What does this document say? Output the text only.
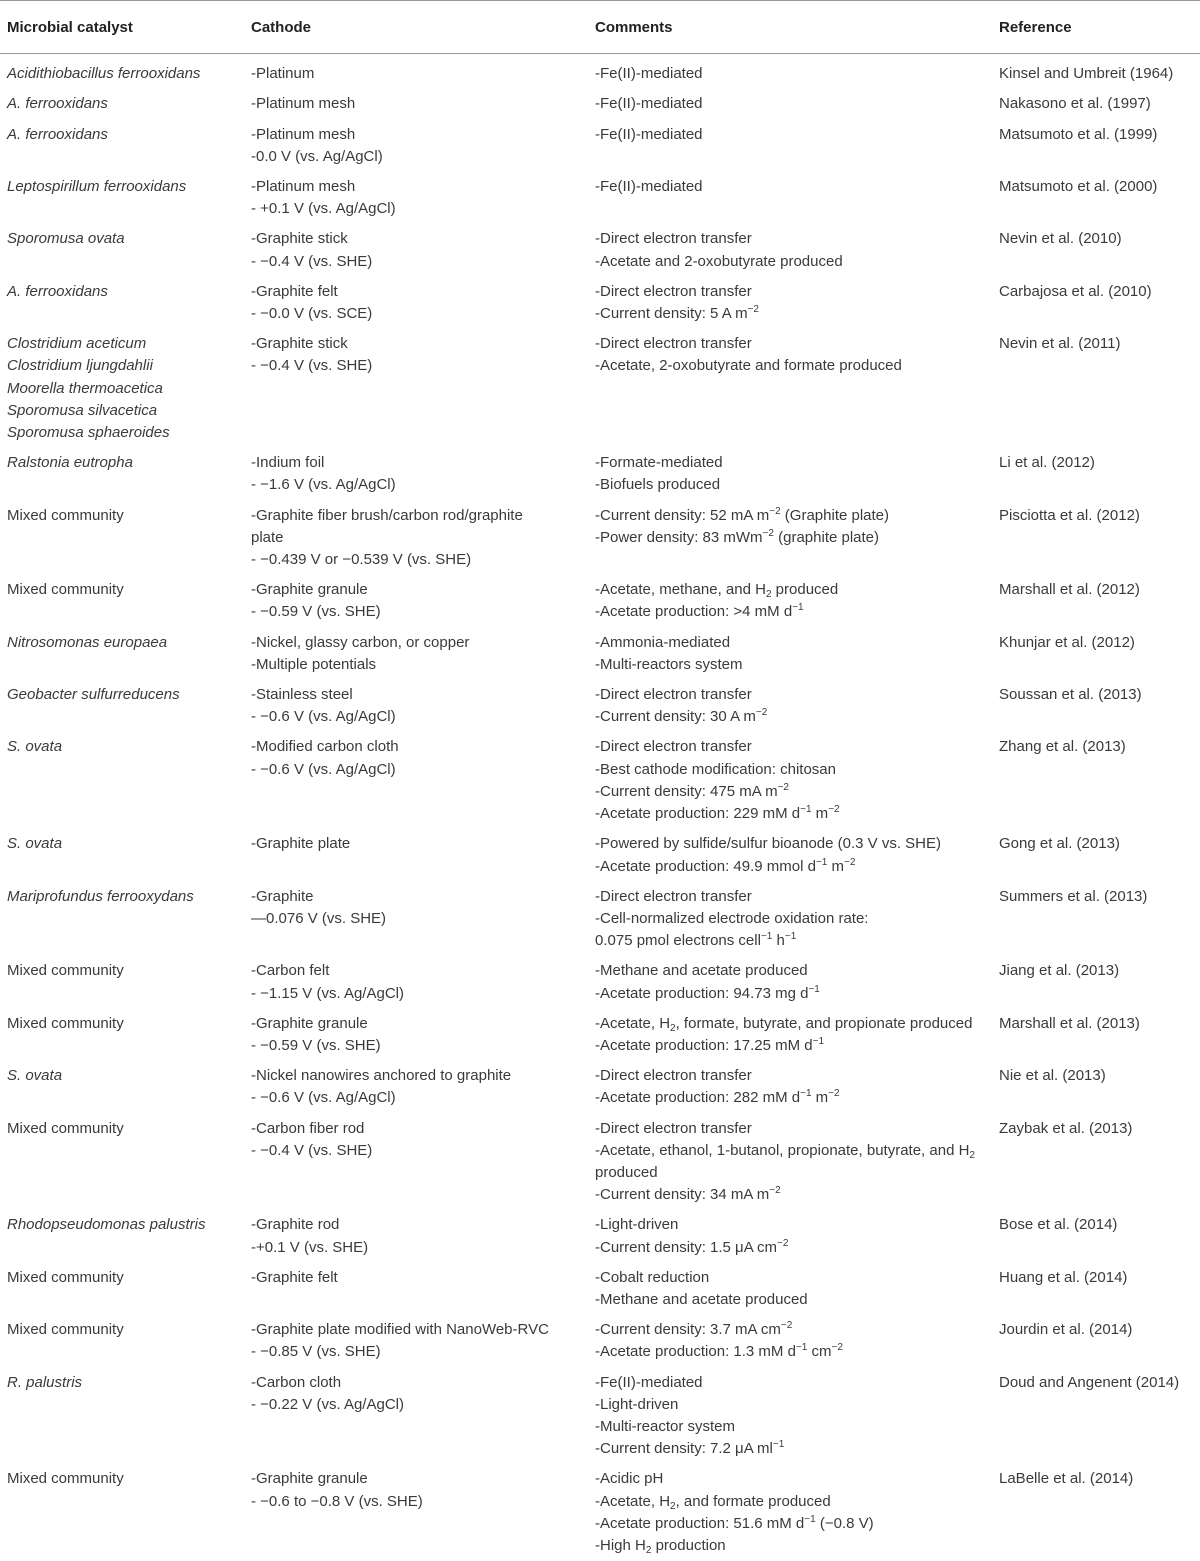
Microbial catalyst	Cathode	Comments	Reference

Acidithiobacillus ferrooxidans	-Platinum	-Fe(II)-mediated	Kinsel and Umbreit (1964)

A. ferrooxidans	-Platinum mesh	-Fe(II)-mediated	Nakasono et al. (1997)

A. ferrooxidans	-Platinum mesh
-0.0 V (vs. Ag/AgCl)	-Fe(II)-mediated	Matsumoto et al. (1999)

Leptospirillum ferrooxidans	-Platinum mesh
- +0.1 V (vs. Ag/AgCl)	-Fe(II)-mediated	Matsumoto et al. (2000)

Sporomusa ovata	-Graphite stick
- −0.4 V (vs. SHE)	-Direct electron transfer
-Acetate and 2-oxobutyrate produced	Nevin et al. (2010)

A. ferrooxidans	-Graphite felt
- −0.0 V (vs. SCE)	-Direct electron transfer
-Current density: 5 A $m^{-2}$	Carbajosa et al. (2010)

Clostridium aceticum
Clostridium ljungdahlii
Moorella thermoacetica
Sporomusa silvacetica
Sporomusa sphaeroides	-Graphite stick
- −0.4 V (vs. SHE)	-Direct electron transfer
-Acetate, 2-oxobutyrate and formate produced	Nevin et al. (2011)

Ralstonia eutropha	-Indium foil
- −1.6 V (vs. Ag/AgCl)	-Formate-mediated
-Biofuels produced	Li et al. (2012)

Mixed community	-Graphite fiber brush/carbon rod/graphite plate
- −0.439 V or −0.539 V (vs. SHE)	-Current density: 52 mA $m^{-2}$ (Graphite plate)
-Power density: 83 mWm$^{-2}$ (graphite plate)	Pisciotta et al. (2012)

Mixed community	-Graphite granule
- −0.59 V (vs. SHE)	-Acetate, methane, and $H_2$ produced
-Acetate production: >4 mM $d^{-1}$	Marshall et al. (2012)

Nitrosomonas europaea	-Nickel, glassy carbon, or copper
-Multiple potentials	-Ammonia-mediated
-Multi-reactors system	Khunjar et al. (2012)

Geobacter sulfurreducens	-Stainless steel
- −0.6 V (vs. Ag/AgCl)	-Direct electron transfer
-Current density: 30 A $m^{-2}$	Soussan et al. (2013)

S. ovata	-Modified carbon cloth
- −0.6 V (vs. Ag/AgCl)	-Direct electron transfer
-Best cathode modification: chitosan
-Current density: 475 mA $m^{-2}$
-Acetate production: 229 mM $d^{-1}$ $m^{-2}$	Zhang et al. (2013)

S. ovata	-Graphite plate	-Powered by sulfide/sulfur bioanode (0.3 V vs. SHE)
-Acetate production: 49.9 mmol $d^{-1}$ $m^{-2}$	Gong et al. (2013)

Mariprofundus ferrooxydans	-Graphite
—0.076 V (vs. SHE)	-Direct electron transfer
-Cell-normalized electrode oxidation rate:
0.075 pmol electrons cell$^{-1}$ $h^{-1}$	Summers et al. (2013)

Mixed community	-Carbon felt
- −1.15 V (vs. Ag/AgCl)	-Methane and acetate produced
-Acetate production: 94.73 mg $d^{-1}$	Jiang et al. (2013)

Mixed community	-Graphite granule
- −0.59 V (vs. SHE)	-Acetate, $H_2$, formate, butyrate, and propionate produced
-Acetate production: 17.25 mM $d^{-1}$	Marshall et al. (2013)

S. ovata	-Nickel nanowires anchored to graphite
- −0.6 V (vs. Ag/AgCl)	-Direct electron transfer
-Acetate production: 282 mM $d^{-1}$ $m^{-2}$	Nie et al. (2013)

Mixed community	-Carbon fiber rod
- −0.4 V (vs. SHE)	-Direct electron transfer
-Acetate, ethanol, 1-butanol, propionate, butyrate, and $H_2$ produced
-Current density: 34 mA $m^{-2}$	Zaybak et al. (2013)

Rhodopseudomonas palustris	-Graphite rod
-+0.1 V (vs. SHE)	-Light-driven
-Current density: 1.5 μA $cm^{-2}$	Bose et al. (2014)

Mixed community	-Graphite felt	-Cobalt reduction
-Methane and acetate produced	Huang et al. (2014)

Mixed community	-Graphite plate modified with NanoWeb-RVC
- −0.85 V (vs. SHE)	-Current density: 3.7 mA $cm^{-2}$
-Acetate production: 1.3 mM $d^{-1}$ $cm^{-2}$	Jourdin et al. (2014)

R. palustris	-Carbon cloth
- −0.22 V (vs. Ag/AgCl)	-Fe(II)-mediated
-Light-driven
-Multi-reactor system
-Current density: 7.2 μA $ml^{-1}$	Doud and Angenent (2014)

Mixed community	-Graphite granule
- −0.6 to −0.8 V (vs. SHE)	-Acidic pH
-Acetate, $H_2$, and formate produced
-Acetate production: 51.6 mM $d^{-1}$ (−0.8 V)
-High $H_2$ production	LaBelle et al. (2014)
